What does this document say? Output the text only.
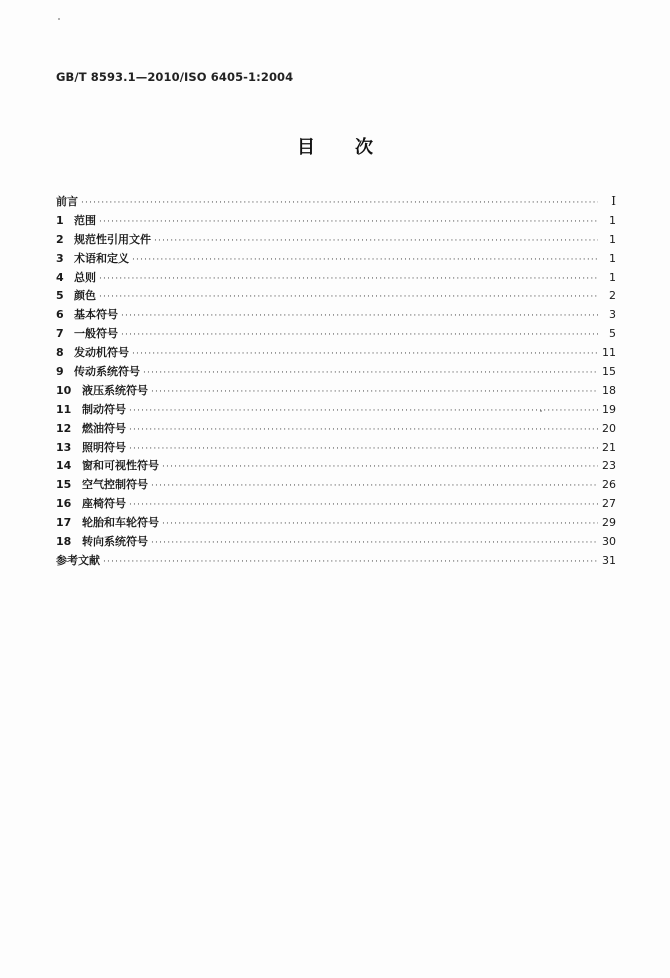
GB/T 8593.1—2010/ISO 6405-1:2004
目 次
前言 ·····	I
1 范围 ·····	1
2 规范性引用文件 ·····	1
3 术语和定义 ·····	1
4 总则 ·····	1
5 颜色 ·····	2
6 基本符号 ·····	3
7 一般符号 ·····	5
8 发动机符号 ·····	11
9 传动系统符号 ·····	15
10 液压系统符号 ·····	18
11 制动符号 ·····	19
12 燃油符号 ·····	20
13 照明符号 ·····	21
14 窗和可视性符号 ·····	23
15 空气控制符号 ·····	26
16 座椅符号 ·····	27
17 轮胎和车轮符号 ·····	29
18 转向系统符号 ·····	30
参考文献 ·····	31
